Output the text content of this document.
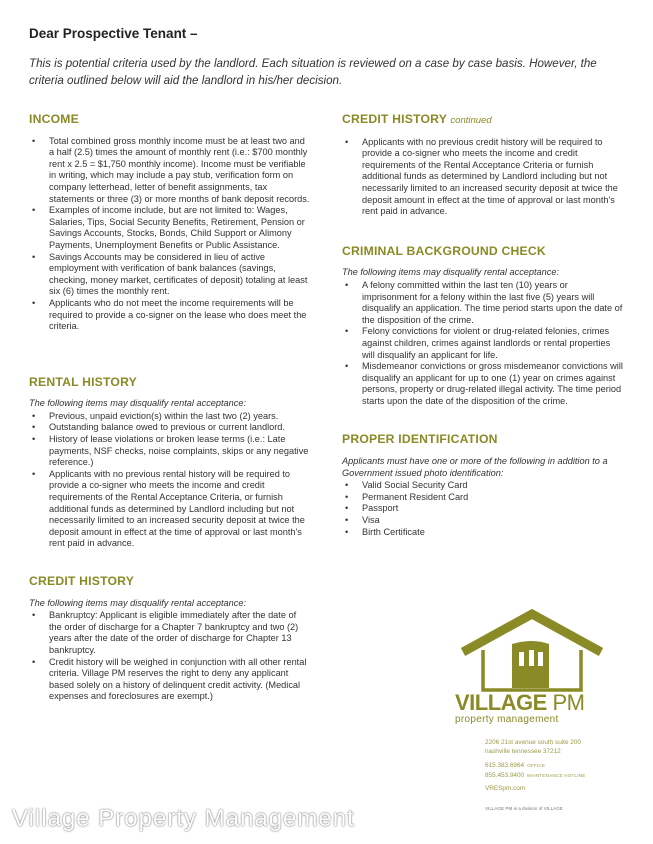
Dear Prospective Tenant –
This is potential criteria used by the landlord. Each situation is reviewed on a case by case basis. However, the criteria outlined below will aid the landlord in his/her decision.
INCOME
• Total combined gross monthly income must be at least two and a half (2.5) times the amount of monthly rent (i.e.: $700 monthly rent x 2.5 = $1,750 monthly income). Income must be verifiable in writing, which may include a pay stub, verification form on company letterhead, letter of benefit assignments, tax statements or three (3) or more months of bank deposit records.
• Examples of income include, but are not limited to: Wages, Salaries, Tips, Social Security Benefits, Retirement, Pension or Savings Accounts, Stocks, Bonds, Child Support or Alimony Payments, Unemployment Benefits or Public Assistance.
• Savings Accounts may be considered in lieu of active employment with verification of bank balances (savings, checking, money market, certificates of deposit) totaling at least six (6) times the monthly rent.
• Applicants who do not meet the income requirements will be required to provide a co-signer on the lease who does meet the criteria.
RENTAL HISTORY
The following items may disqualify rental acceptance:
• Previous, unpaid eviction(s) within the last two (2) years.
• Outstanding balance owed to previous or current landlord.
• History of lease violations or broken lease terms (i.e.: Late payments, NSF checks, noise complaints, skips or any negative reference.)
• Applicants with no previous rental history will be required to provide a co-signer who meets the income and credit requirements of the Rental Acceptance Criteria, or furnish additional funds as determined by Landlord including but not necessarily limited to an increased security deposit at twice the deposit amount in effect at the time of approval or last month's rent paid in advance.
CREDIT HISTORY
The following items may disqualify rental acceptance:
• Bankruptcy: Applicant is eligible immediately after the date of the order of discharge for a Chapter 7 bankruptcy and two (2) years after the date of the order of discharge for Chapter 13 bankruptcy.
• Credit history will be weighed in conjunction with all other rental criteria. Village PM reserves the right to deny any applicant based solely on a history of delinquent credit activity. (Medical expenses and foreclosures are exempt.)
CREDIT HISTORY continued
• Applicants with no previous credit history will be required to provide a co-signer who meets the income and credit requirements of the Rental Acceptance Criteria or furnish additional funds as determined by Landlord including but not necessarily limited to an increased security deposit at twice the deposit amount in effect at the time of approval or last month's rent paid in advance.
CRIMINAL BACKGROUND CHECK
The following items may disqualify rental acceptance:
• A felony committed within the last ten (10) years or imprisonment for a felony within the last five (5) years will disqualify an application. The time period starts upon the date of the disposition of the crime.
• Felony convictions for violent or drug-related felonies, crimes against children, crimes against landlords or rental properties will disqualify an applicant for life.
• Misdemeanor convictions or gross misdemeanor convictions will disqualify an applicant for up to one (1) year on crimes against persons, property or drug-related illegal activity. The time period starts upon the date of the disposition of the crime.
PROPER IDENTIFICATION
Applicants must have one or more of the following in addition to a Government issued photo identification:
• Valid Social Security Card
• Permanent Resident Card
• Passport
• Visa
• Birth Certificate
VILLAGE PM
property management
2206 21st avenue south suite 200
nashville tennessee 37212
615.383.6964 OFFICE
855.453.9400 MAINTENANCE HOTLINE
VRESpm.com
VILLAGE PM is a division of VILLAGE
Village Property Management
